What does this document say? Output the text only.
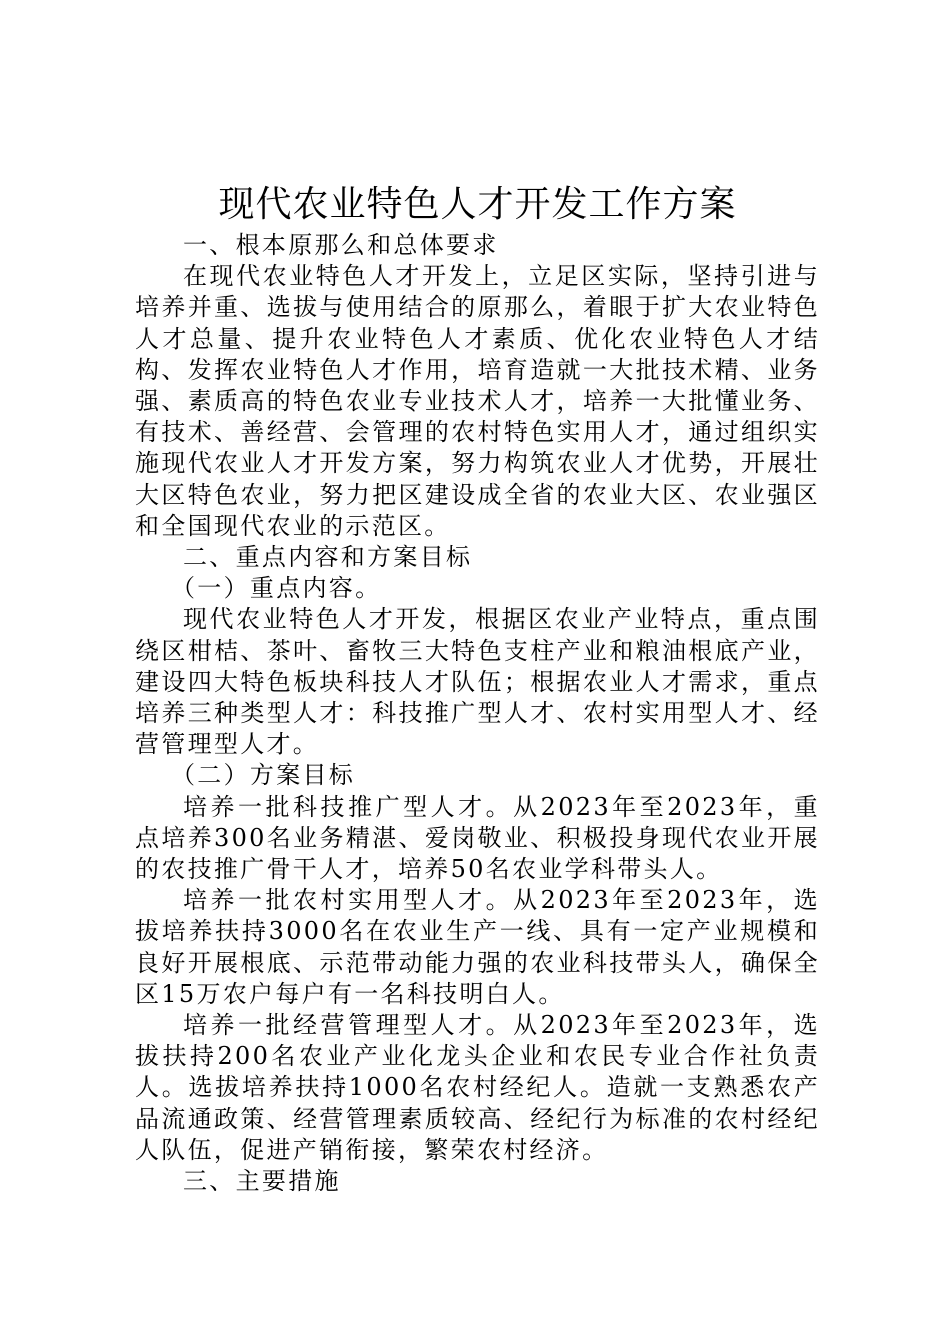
现代农业特色人才开发工作方案

一、根本原那么和总体要求

在现代农业特色人才开发上，立足区实际，坚持引进与培养并重、选拔与使用结合的原那么，着眼于扩大农业特色人才总量、提升农业特色人才素质、优化农业特色人才结构、发挥农业特色人才作用，培育造就一大批技术精、业务强、素质高的特色农业专业技术人才，培养一大批懂业务、有技术、善经营、会管理的农村特色实用人才，通过组织实施现代农业人才开发方案，努力构筑农业人才优势，开展壮大区特色农业，努力把区建设成全省的农业大区、农业强区和全国现代农业的示范区。

二、重点内容和方案目标

（一）重点内容。

现代农业特色人才开发，根据区农业产业特点，重点围绕区柑桔、茶叶、畜牧三大特色支柱产业和粮油根底产业，建设四大特色板块科技人才队伍；根据农业人才需求，重点培养三种类型人才：科技推广型人才、农村实用型人才、经营管理型人才。

（二）方案目标

培养一批科技推广型人才。从2023年至2023年，重点培养300名业务精湛、爱岗敬业、积极投身现代农业开展的农技推广骨干人才，培养50名农业学科带头人。

培养一批农村实用型人才。从2023年至2023年，选拔培养扶持3000名在农业生产一线、具有一定产业规模和良好开展根底、示范带动能力强的农业科技带头人，确保全区15万农户每户有一名科技明白人。

培养一批经营管理型人才。从2023年至2023年，选拔扶持200名农业产业化龙头企业和农民专业合作社负责人。选拔培养扶持1000名农村经纪人。造就一支熟悉农产品流通政策、经营管理素质较高、经纪行为标准的农村经纪人队伍，促进产销衔接，繁荣农村经济。

三、主要措施
